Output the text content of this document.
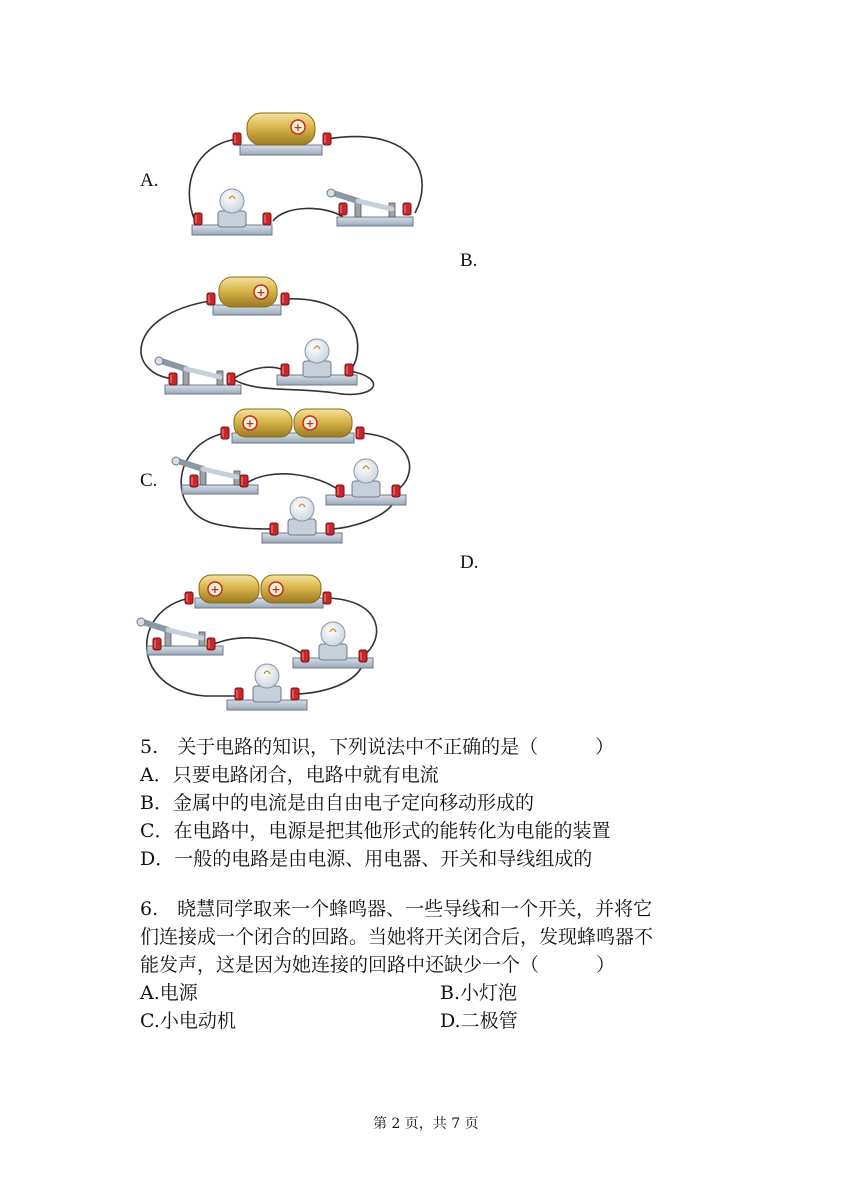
A.
+
B.
+
C.
+	+
D.
+	+
5.　关于电路的知识，下列说法中不正确的是（　　　）
A．只要电路闭合，电路中就有电流
B．金属中的电流是由自由电子定向移动形成的
C．在电路中，电源是把其他形式的能转化为电能的装置
D．一般的电路是由电源、用电器、开关和导线组成的
6.　晓慧同学取来一个蜂鸣器、一些导线和一个开关，并将它
们连接成一个闭合的回路。当她将开关闭合后，发现蜂鸣器不
能发声，这是因为她连接的回路中还缺少一个（　　　）
A.电源	B.小灯泡
C.小电动机	D.二极管
第 2 页，共 7 页
